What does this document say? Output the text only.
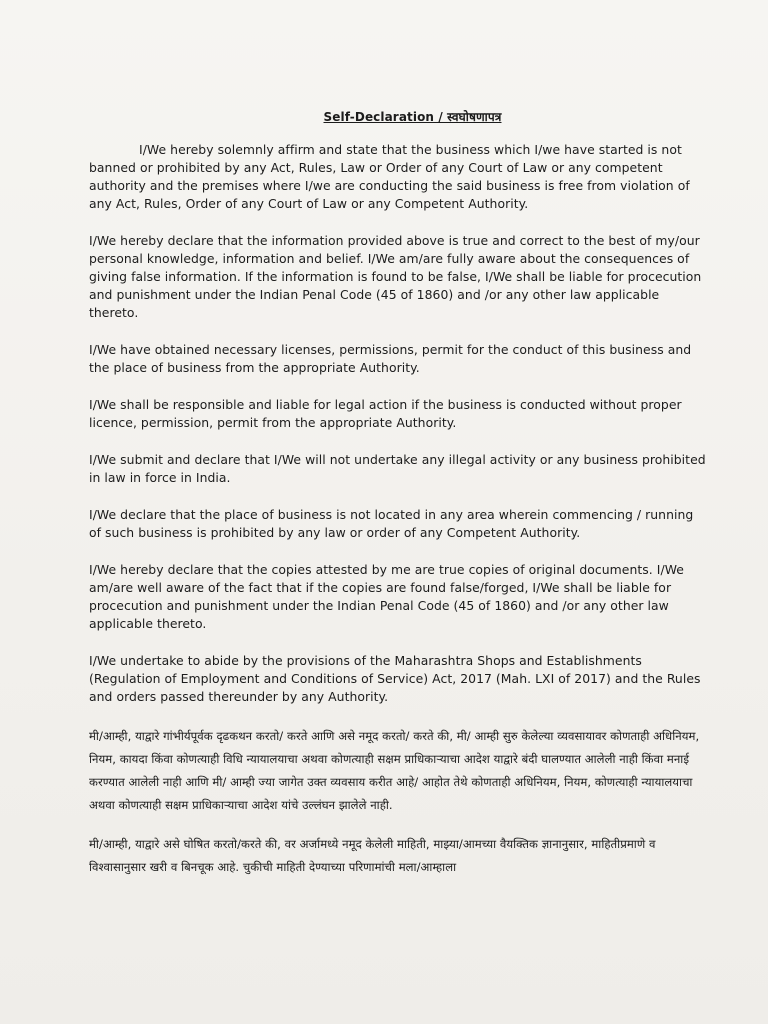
Self-Declaration / स्वघोषणापत्र

I/We hereby solemnly affirm and state that the business which I/we have started is not banned or prohibited by any Act, Rules, Law or Order of any Court of Law or any competent authority and the premises where I/we are conducting the said business is free from violation of any Act, Rules, Order of any Court of Law or any Competent Authority.

I/We hereby declare that the information provided above is true and correct to the best of my/our personal knowledge, information and belief. I/We am/are fully aware about the consequences of giving false information. If the information is found to be false, I/We shall be liable for procecution and punishment under the Indian Penal Code (45 of 1860) and /or any other law applicable thereto.

I/We have obtained necessary licenses, permissions, permit for the conduct of this business and the place of business from the appropriate Authority.

I/We shall be responsible and liable for legal action if the business is conducted without proper licence, permission, permit from the appropriate Authority.

I/We submit and declare that I/We will not undertake any illegal activity or any business prohibited in law in force in India.

I/We declare that the place of business is not located in any area wherein commencing / running of such business is prohibited by any law or order of any Competent Authority.

I/We hereby declare that the copies attested by me are true copies of original documents. I/We am/are well aware of the fact that if the copies are found false/forged, I/We shall be liable for procecution and punishment under the Indian Penal Code (45 of 1860) and /or any other law applicable thereto.

I/We undertake to abide by the provisions of the Maharashtra Shops and Establishments (Regulation of Employment and Conditions of Service) Act, 2017 (Mah. LXI of 2017) and the Rules and orders passed thereunder by any Authority.

मी/आम्ही, याद्वारे गांभीर्यपूर्वक दृढकथन करतो/ करते आणि असे नमूद करतो/ करते की, मी/ आम्ही सुरु केलेल्या व्यवसायावर कोणताही अधिनियम, नियम, कायदा किंवा कोणत्याही विधि न्यायालयाचा अथवा कोणत्याही सक्षम प्राधिकाऱ्याचा आदेश याद्वारे बंदी घालण्यात आलेली नाही किंवा मनाई करण्यात आलेली नाही आणि मी/ आम्ही ज्या जागेत उक्त व्यवसाय करीत आहे/ आहोत तेथे कोणताही अधिनियम, नियम, कोणत्याही न्यायालयाचा अथवा कोणत्याही सक्षम प्राधिकाऱ्याचा आदेश यांचे उल्लंघन झालेले नाही.

मी/आम्ही, याद्वारे असे घोषित करतो/करते की, वर अर्जामध्ये नमूद केलेली माहिती, माझ्या/आमच्या वैयक्तिक ज्ञानानुसार, माहितीप्रमाणे व विश्वासानुसार खरी व बिनचूक आहे. चुकीची माहिती देण्याच्या परिणामांची मला/आम्हाला
